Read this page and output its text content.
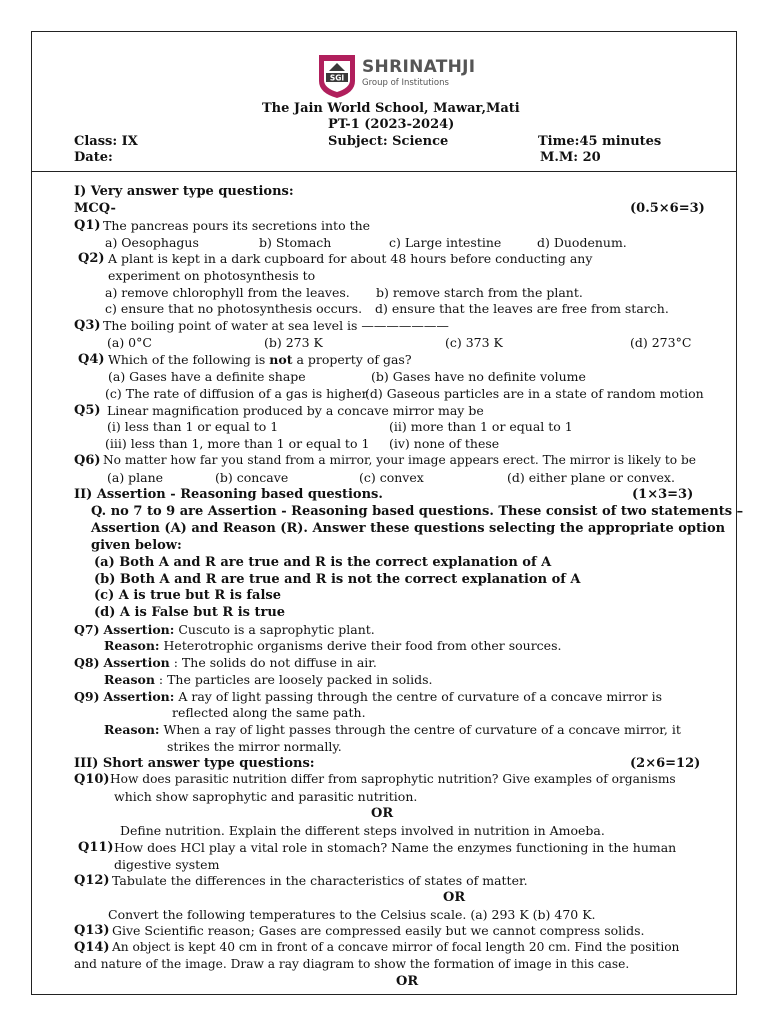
SGI
SHRINATHJI
Group of Institutions
The Jain World School, Mawar,Mati
PT-1 (2023-2024)
Class: IX	Subject: Science	Time:45 minutes
Date:	M.M: 20
I) Very answer type questions:
MCQ-	(0.5×6=3)
Q1) The pancreas pours its secretions into the
a) Oesophagus	b) Stomach	c) Large intestine	d) Duodenum.
Q2) A plant is kept in a dark cupboard for about 48 hours before conducting any
experiment on photosynthesis to
a) remove chlorophyll from the leaves. b) remove starch from the plant.
c) ensure that no photosynthesis occurs. d) ensure that the leaves are free from starch.
Q3) The boiling point of water at sea level is ———————
(a) 0°C	(b) 273 K	(c) 373 K	(d) 273°C
Q4) Which of the following is not a property of gas?
(a) Gases have a definite shape	(b) Gases have no definite volume
(c) The rate of diffusion of a gas is higher
(d) Gaseous particles are in a state of random motion
Q5) Linear magnification produced by a concave mirror may be
(i) less than 1 or equal to 1	(ii) more than 1 or equal to 1
(iii) less than 1, more than 1 or equal to 1 (iv) none of these
Q6) No matter how far you stand from a mirror, your image appears erect. The mirror is likely to be
(a) plane	(b) concave	(c) convex	(d) either plane or convex.
II) Assertion - Reasoning based questions.	(1×3=3)
Q. no 7 to 9 are Assertion - Reasoning based questions. These consist of two statements –
Assertion (A) and Reason (R). Answer these questions selecting the appropriate option
given below:
(a) Both A and R are true and R is the correct explanation of A
(b) Both A and R are true and R is not the correct explanation of A
(c) A is true but R is false
(d) A is False but R is true
Q7) Assertion: Cuscuto is a saprophytic plant.
Reason: Heterotrophic organisms derive their food from other sources.
Q8) Assertion : The solids do not diffuse in air.
Reason : The particles are loosely packed in solids.
Q9) Assertion: A ray of light passing through the centre of curvature of a concave mirror is
reflected along the same path.
Reason: When a ray of light passes through the centre of curvature of a concave mirror, it
strikes the mirror normally.
III) Short answer type questions:	(2×6=12)
Q10) How does parasitic nutrition differ from saprophytic nutrition? Give examples of organisms
which show saprophytic and parasitic nutrition.
OR
Define nutrition. Explain the different steps involved in nutrition in Amoeba.
Q11) How does HCl play a vital role in stomach? Name the enzymes functioning in the human
digestive system
Q12) Tabulate the differences in the characteristics of states of matter.
OR
Convert the following temperatures to the Celsius scale. (a) 293 K (b) 470 K.
Q13) Give Scientific reason; Gases are compressed easily but we cannot compress solids.
Q14) An object is kept 40 cm in front of a concave mirror of focal length 20 cm. Find the position
and nature of the image. Draw a ray diagram to show the formation of image in this case.
OR
